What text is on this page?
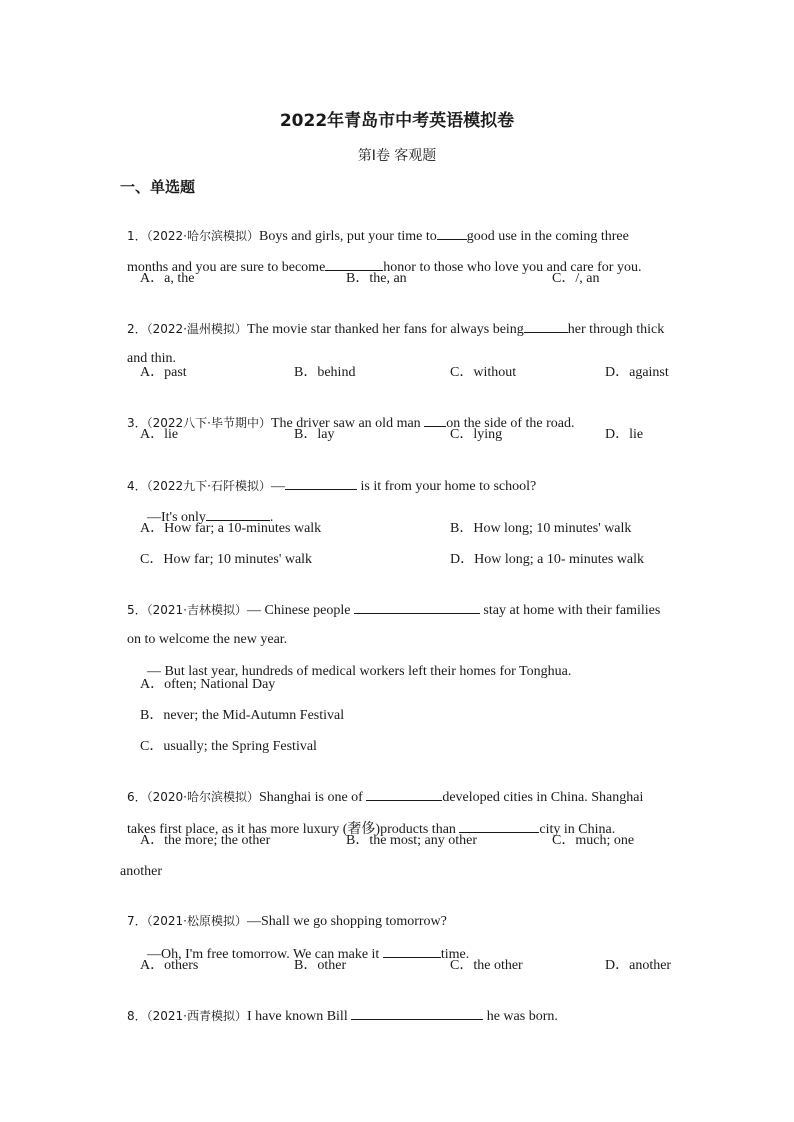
2022年青岛市中考英语模拟卷
第Ⅰ卷 客观题
一、单选题

1．（2022·哈尔滨模拟）Boys and girls, put your time to good use in the coming three

months and you are sure to become	honor to those who love you and care for you.

A．a, the	B．the, an	C．/, an

2．（2022·温州模拟）The movie star thanked her fans for always being	her through thick

and thin.

A．past	B．behind	C．without	D．against

3．（2022八下·毕节期中）The driver saw an old man on the side of the road.

A．lie	B．lay	C．lying	D．lie

4．（2022九下·石阡模拟）—	is it from your home to school?

—It's only	.

A．How far; a 10-minutes walk	B．How long; 10 minutes' walk
C．How far; 10 minutes' walk	D．How long; a 10- minutes walk

5．（2021·吉林模拟）— Chinese people	stay at home with their families

on to welcome the new year.

— But last year, hundreds of medical workers left their homes for Tonghua.

A．often; National Day
B．never; the Mid-Autumn Festival
C．usually; the Spring Festival

6．（2020·哈尔滨模拟）Shanghai is one of	developed cities in China. Shanghai

takes first place, as it has more luxury (奢侈)products than	city in China.

A．the more; the other	B．the most; any other	C．much; one
another

7．（2021·松原模拟）—Shall we go shopping tomorrow?

—Oh, I'm free tomorrow. We can make it	time.

A．others	B．other	C．the other	D．another

8．（2021·西青模拟）I have known Bill	he was born.
